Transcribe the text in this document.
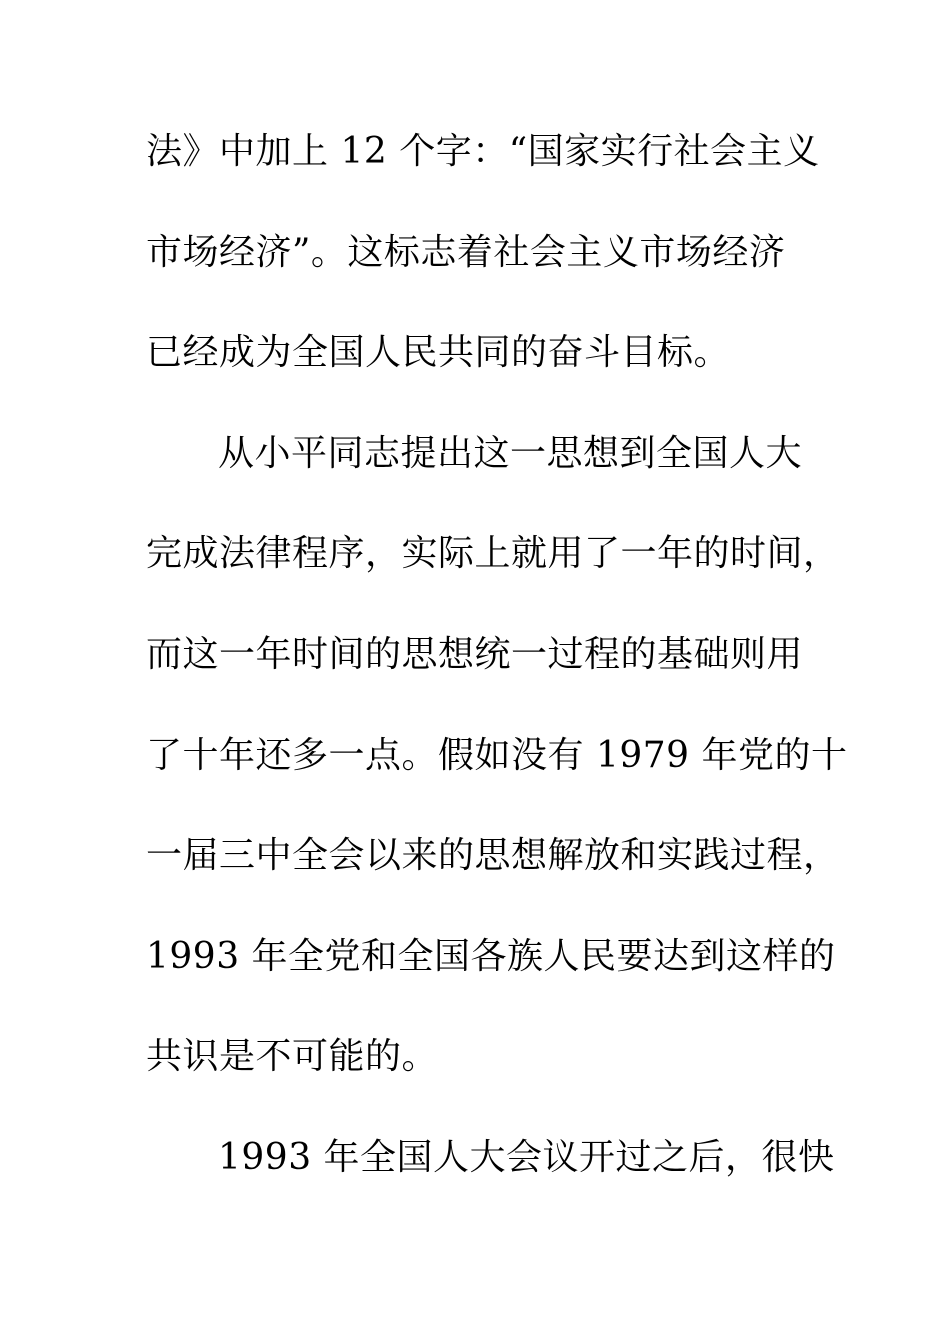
法》中加上 12 个字：“国家实行社会主义
市场经济”。这标志着社会主义市场经济
已经成为全国人民共同的奋斗目标。
从小平同志提出这一思想到全国人大
完成法律程序，实际上就用了一年的时间，
而这一年时间的思想统一过程的基础则用
了十年还多一点。假如没有 1979 年党的十
一届三中全会以来的思想解放和实践过程，
1993 年全党和全国各族人民要达到这样的
共识是不可能的。
1993 年全国人大会议开过之后，很快
